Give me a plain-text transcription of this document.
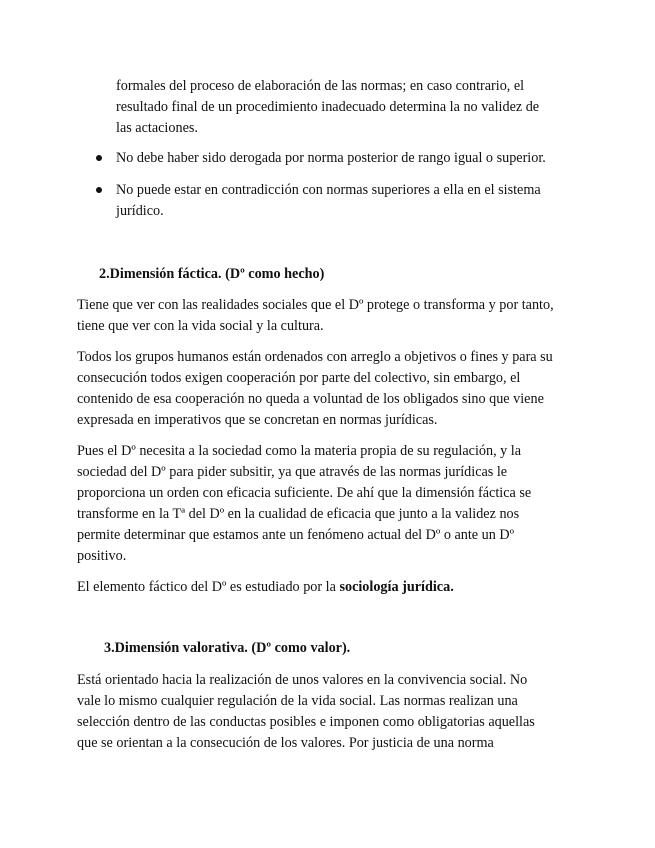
formales del proceso de elaboración de las normas; en caso contrario, el
resultado final de un procedimiento inadecuado determina la no validez de
las actaciones.
No debe haber sido derogada por norma posterior de rango igual o superior.
No puede estar en contradicción con normas superiores a ella en el sistema
jurídico.
2.Dimensión fáctica. (Dº como hecho)
Tiene que ver con las realidades sociales que el Dº protege o transforma y por tanto,
tiene que ver con la vida social y la cultura.
Todos los grupos humanos están ordenados con arreglo a objetivos o fines y para su
consecución todos exigen cooperación por parte del colectivo, sin embargo, el
contenido de esa cooperación no queda a voluntad de los obligados sino que viene
expresada en imperativos que se concretan en normas jurídicas.
Pues el Dº necesita a la sociedad como la materia propia de su regulación, y la
sociedad del Dº para pider subsitir, ya que através de las normas jurídicas le
proporciona un orden con eficacia suficiente. De ahí que la dimensión fáctica se
transforme en la Tª del Dº en la cualidad de eficacia que junto a la validez nos
permite determinar que estamos ante un fenómeno actual del Dº o ante un Dº
positivo.
El elemento fáctico del Dº es estudiado por la sociología jurídica.
3.Dimensión valorativa. (Dº como valor).
Está orientado hacia la realización de unos valores en la convivencia social. No
vale lo mismo cualquier regulación de la vida social. Las normas realizan una
selección dentro de las conductas posibles e imponen como obligatorias aquellas
que se orientan a la consecución de los valores. Por justicia de una norma
